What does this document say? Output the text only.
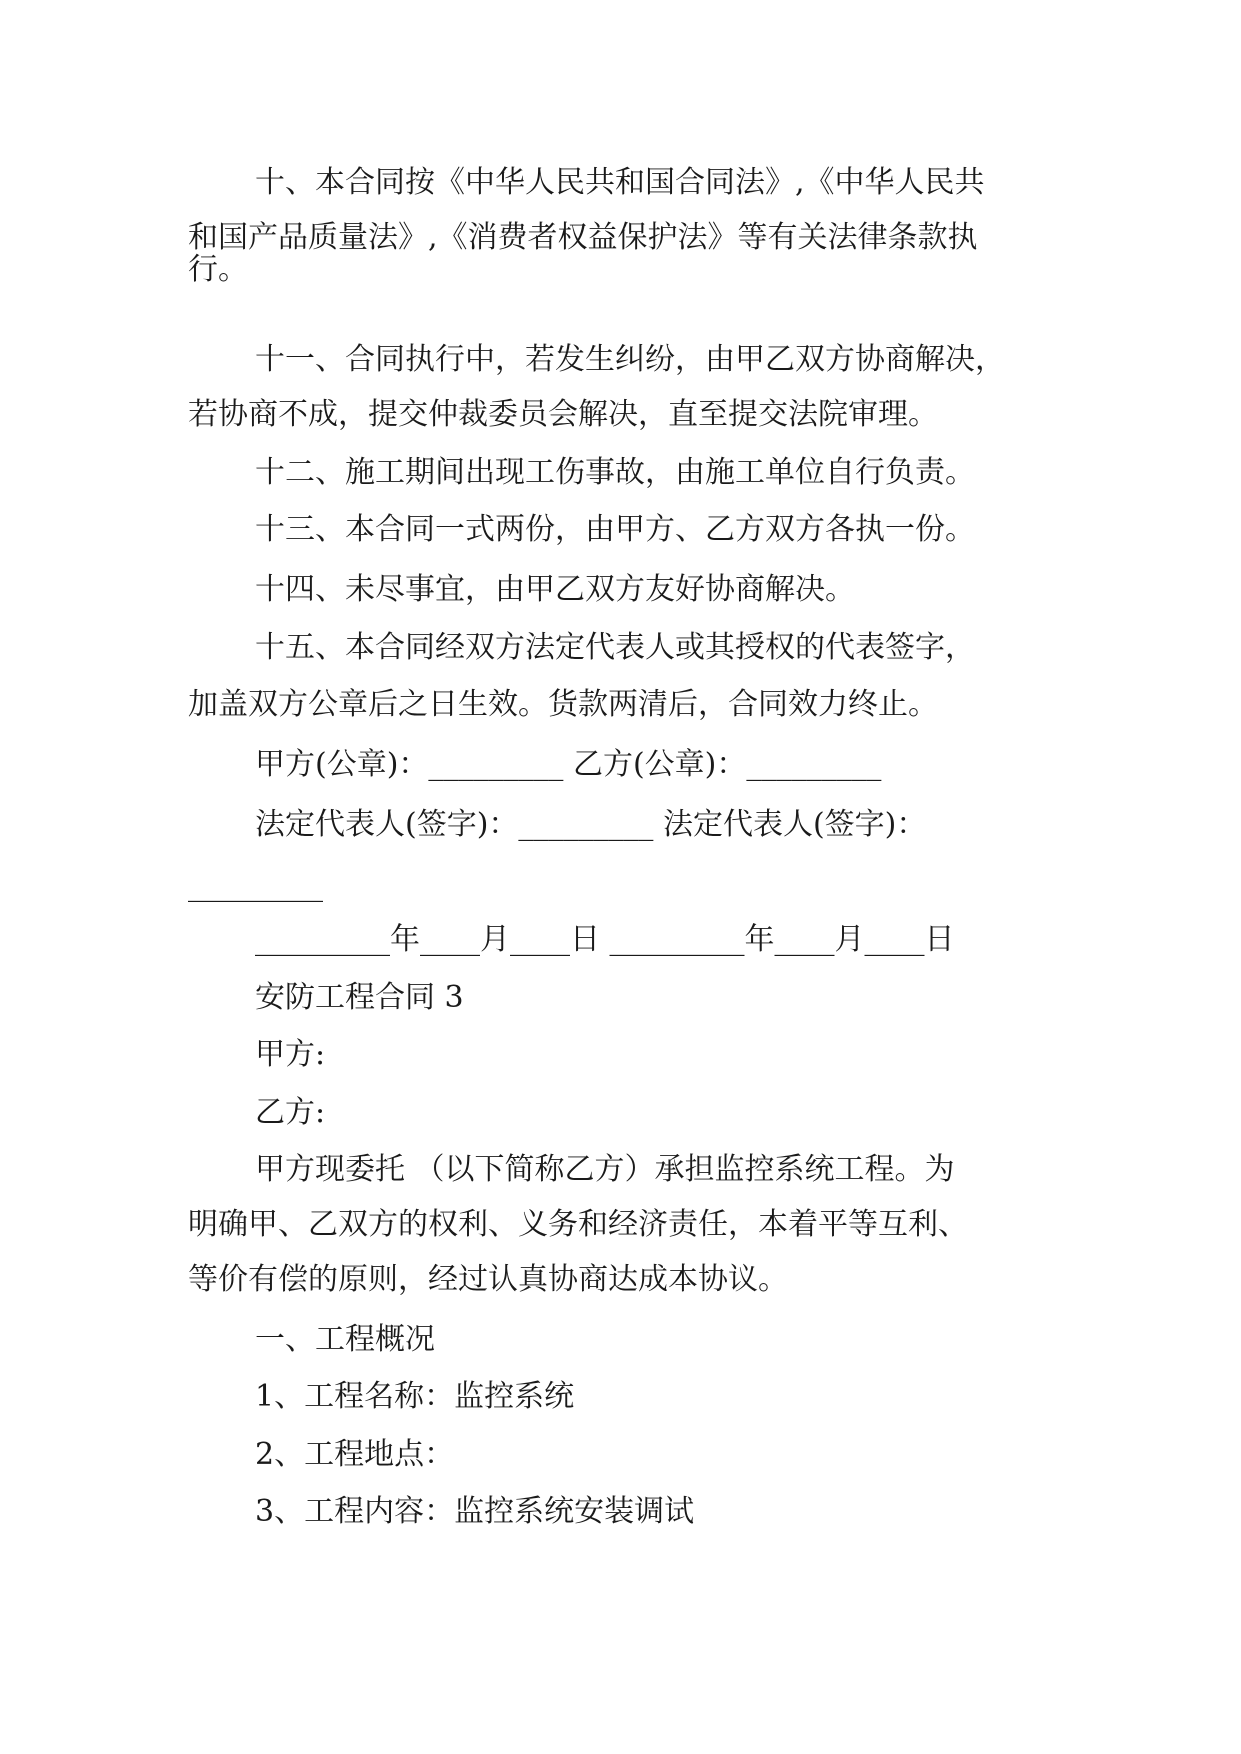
十、本合同按《中华人民共和国合同法》,《中华人民共

和国产品质量法》,《消费者权益保护法》等有关法律条款执

行。

十一、合同执行中，若发生纠纷，由甲乙双方协商解决，

若协商不成，提交仲裁委员会解决，直至提交法院审理。

十二、施工期间出现工伤事故，由施工单位自行负责。

十三、本合同一式两份，由甲方、乙方双方各执一份。

十四、未尽事宜，由甲乙双方友好协商解决。

十五、本合同经双方法定代表人或其授权的代表签字，

加盖双方公章后之日生效。货款两清后，合同效力终止。

甲方(公章)：_________ 乙方(公章)：_________

法定代表人(签字)：_________ 法定代表人(签字)：

_________

_________年____月____日 _________年____月____日

安防工程合同 3

甲方:

乙方:

甲方现委托 （以下简称乙方）承担监控系统工程。为

明确甲、乙双方的权利、义务和经济责任，本着平等互利、

等价有偿的原则，经过认真协商达成本协议。

一、工程概况

1、工程名称：监控系统

2、工程地点：

3、工程内容：监控系统安装调试
